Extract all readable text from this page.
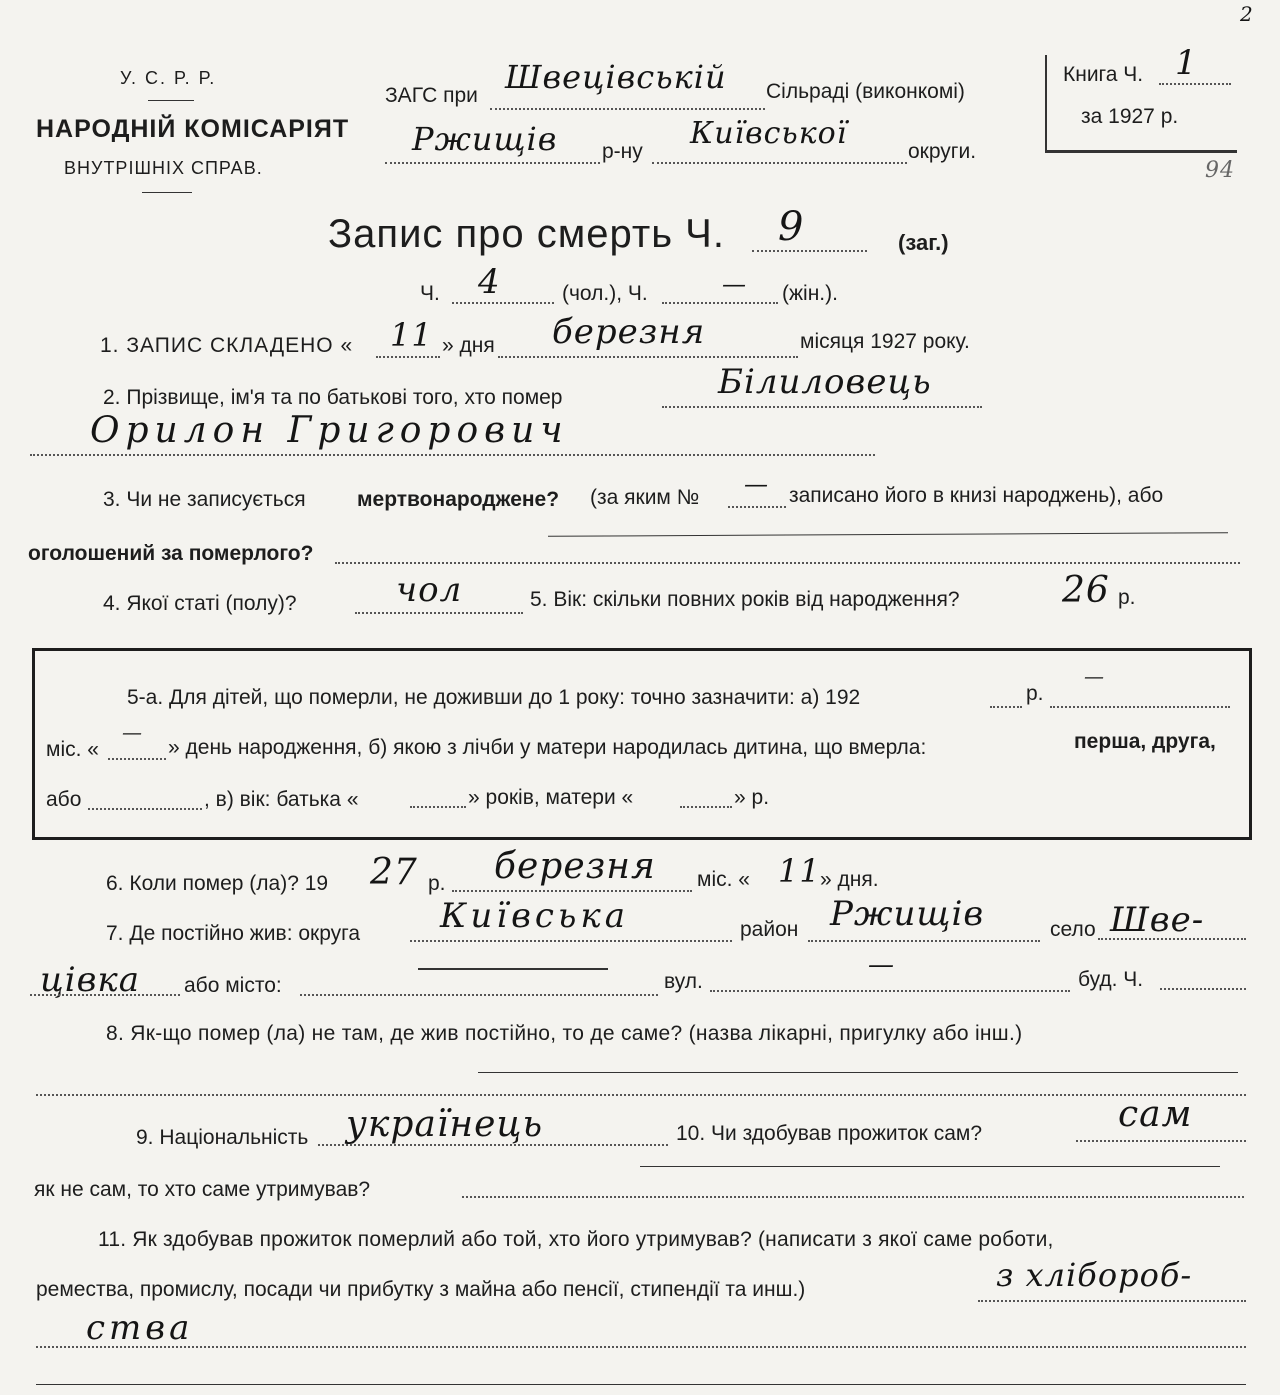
У. С. Р. Р.
НАРОДНІЙ КОМІСАРІЯТ
ВНУТРІШНІХ СПРАВ.
ЗАГС при Швецівській Сільраді (виконкомі)
Ржищів р-ну
Київської
округи.
Книга Ч. 1
за 1927 р.
2
94
Запис про смерть Ч. 9	(заг.)
Ч. 4	(чол.), Ч.	— (жін.).
1. ЗАПИС СКЛАДЕНО « 11 » дня березня	місяця 1927 року.
2. Прізвище, ім'я та по батькові того, хто помер	Білиловець
Орилон Григорович
3. Чи не записується мертвонароджене? (за яким № — записано його в книзі народжень), або
оголошений за померлого?
4. Якої статі (полу)?	чол	5. Вік: скільки повних років від народження?	26 р.
5-а. Для дітей, що померли, не доживши до 1 року: точно зазначити: а) 192	р.
—
міс. «
—
» день народження, б) якою з лічби у матери народилась дитина, що вмерла:	перша, друга,
або	, в) вік: батька «	» років, матери «	» р.
6. Коли помер (ла)? 19 27 р. березня міс. « 11 » дня.
7. Де постійно жив: округа Київська	район Ржищів	село Шве-
цівка або місто:	вул.
—	буд. Ч.
8. Як-що помер (ла) не там, де жив постійно, то де саме? (назва лікарні, пригулку або інш.)
9. Національність українець	10. Чи здобував прожиток сам?	сам
як не сам, то хто саме утримував?
11. Як здобував прожиток померлий або той, хто його утримував? (написати з якої саме роботи,
ремества, промислу, посади чи прибутку з майна або пенсії, стипендії та инш.)	з хлібороб-
ства
